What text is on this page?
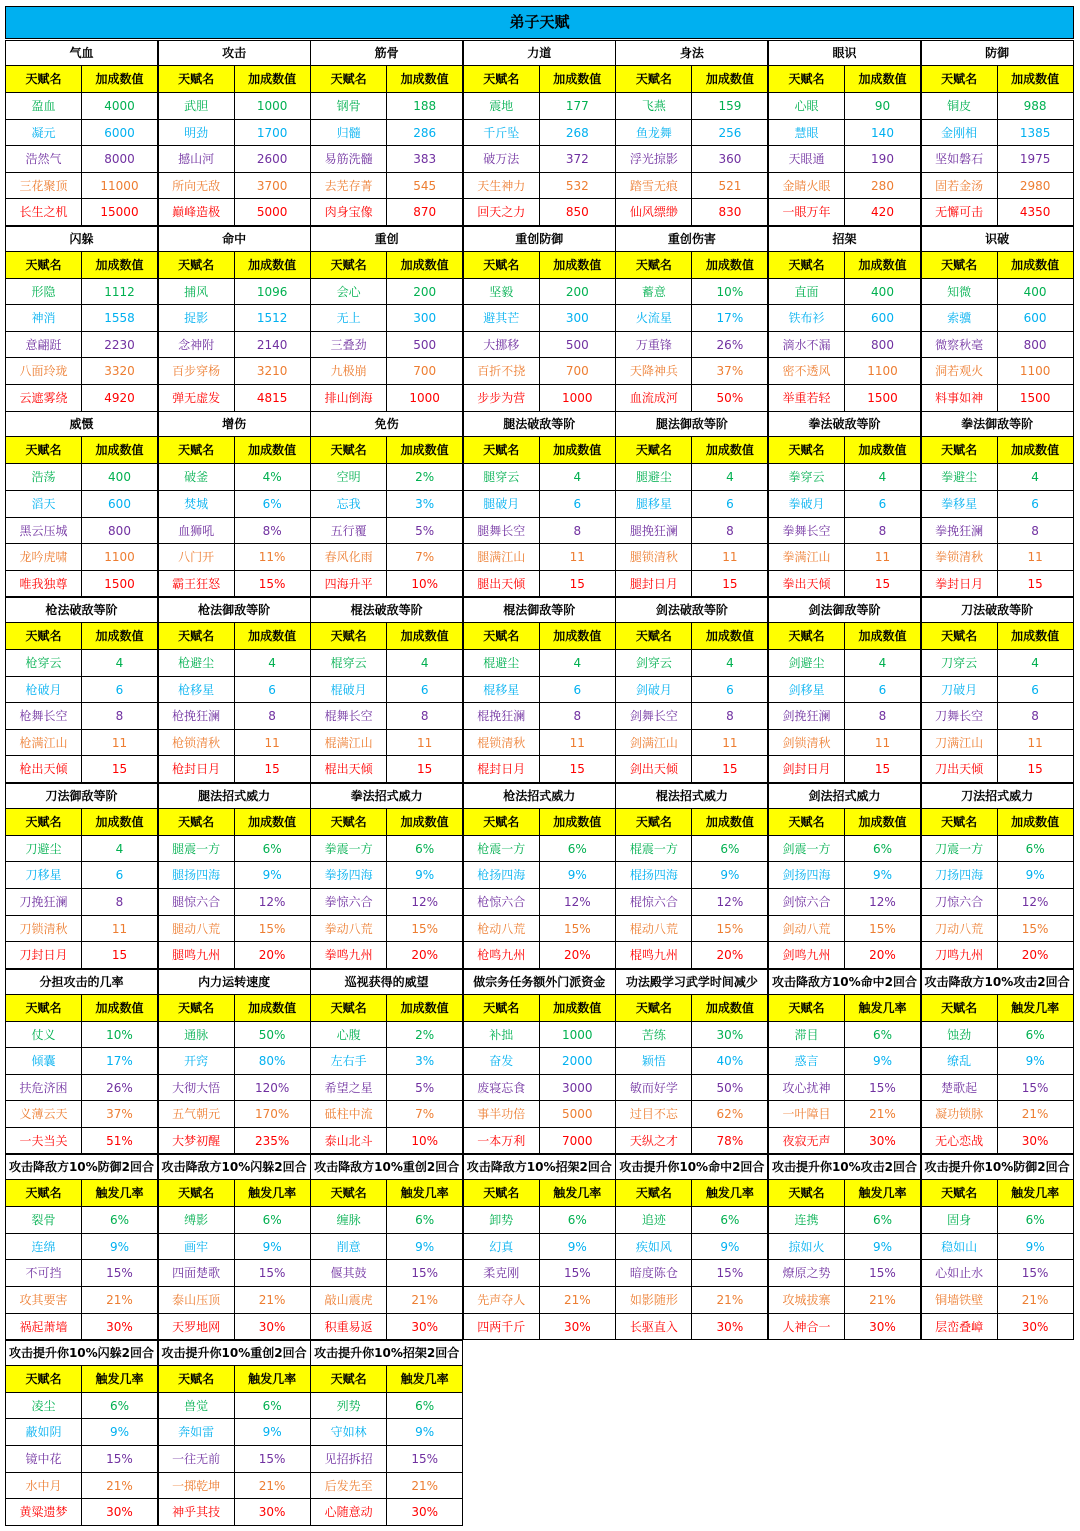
弟子天赋
气血
天赋名	加成数值
盈血	4000
凝元	6000
浩然气	8000
三花聚顶	11000
长生之机	15000
攻击
天赋名	加成数值
武胆	1000
明劲	1700
撼山河	2600
所向无敌	3700
巅峰造极	5000
筋骨
天赋名	加成数值
钢骨	188
归髓	286
易筋洗髓	383
去芜存菁	545
肉身宝像	870
力道
天赋名	加成数值
震地	177
千斤坠	268
破万法	372
天生神力	532
回天之力	850
身法
天赋名	加成数值
飞燕	159
鱼龙舞	256
浮光掠影	360
踏雪无痕	521
仙风缥缈	830
眼识
天赋名	加成数值
心眼	90
慧眼	140
天眼通	190
金睛火眼	280
一眼万年	420
防御
天赋名	加成数值
铜皮	988
金刚相	1385
坚如磐石	1975
固若金汤	2980
无懈可击	4350
闪躲
天赋名	加成数值
形隐	1112
神消	1558
意翩跹	2230
八面玲珑	3320
云遮雾绕	4920
命中
天赋名	加成数值
捕风	1096
捉影	1512
念神附	2140
百步穿杨	3210
弹无虚发	4815
重创
天赋名	加成数值
会心	200
无上	300
三叠劲	500
九极崩	700
排山倒海	1000
重创防御
天赋名	加成数值
坚毅	200
避其芒	300
大挪移	500
百折不挠	700
步步为营	1000
重创伤害
天赋名	加成数值
蓄意	10%
火流星	17%
万重锋	26%
天降神兵	37%
血流成河	50%
招架
天赋名	加成数值
直面	400
铁布衫	600
滴水不漏	800
密不透风	1100
举重若轻	1500
识破
天赋名	加成数值
知微	400
索骥	600
微察秋毫	800
洞若观火	1100
料事如神	1500
威慑
天赋名	加成数值
浩荡	400
滔天	600
黑云压城	800
龙吟虎啸	1100
唯我独尊	1500
增伤
天赋名	加成数值
破釜	4%
焚城	6%
血狮吼	8%
八门开	11%
霸王狂怒	15%
免伤
天赋名	加成数值
空明	2%
忘我	3%
五行覆	5%
春风化雨	7%
四海升平	10%
腿法破敌等阶
天赋名	加成数值
腿穿云	4
腿破月	6
腿舞长空	8
腿满江山	11
腿出天倾	15
腿法御敌等阶
天赋名	加成数值
腿避尘	4
腿移星	6
腿挽狂澜	8
腿锁清秋	11
腿封日月	15
拳法破敌等阶
天赋名	加成数值
拳穿云	4
拳破月	6
拳舞长空	8
拳满江山	11
拳出天倾	15
拳法御敌等阶
天赋名	加成数值
拳避尘	4
拳移星	6
拳挽狂澜	8
拳锁清秋	11
拳封日月	15
枪法破敌等阶
天赋名	加成数值
枪穿云	4
枪破月	6
枪舞长空	8
枪满江山	11
枪出天倾	15
枪法御敌等阶
天赋名	加成数值
枪避尘	4
枪移星	6
枪挽狂澜	8
枪锁清秋	11
枪封日月	15
棍法破敌等阶
天赋名	加成数值
棍穿云	4
棍破月	6
棍舞长空	8
棍满江山	11
棍出天倾	15
棍法御敌等阶
天赋名	加成数值
棍避尘	4
棍移星	6
棍挽狂澜	8
棍锁清秋	11
棍封日月	15
剑法破敌等阶
天赋名	加成数值
剑穿云	4
剑破月	6
剑舞长空	8
剑满江山	11
剑出天倾	15
剑法御敌等阶
天赋名	加成数值
剑避尘	4
剑移星	6
剑挽狂澜	8
剑锁清秋	11
剑封日月	15
刀法破敌等阶
天赋名	加成数值
刀穿云	4
刀破月	6
刀舞长空	8
刀满江山	11
刀出天倾	15
刀法御敌等阶
天赋名	加成数值
刀避尘	4
刀移星	6
刀挽狂澜	8
刀锁清秋	11
刀封日月	15
腿法招式威力
天赋名	加成数值
腿震一方	6%
腿扬四海	9%
腿惊六合	12%
腿动八荒	15%
腿鸣九州	20%
拳法招式威力
天赋名	加成数值
拳震一方	6%
拳扬四海	9%
拳惊六合	12%
拳动八荒	15%
拳鸣九州	20%
枪法招式威力
天赋名	加成数值
枪震一方	6%
枪扬四海	9%
枪惊六合	12%
枪动八荒	15%
枪鸣九州	20%
棍法招式威力
天赋名	加成数值
棍震一方	6%
棍扬四海	9%
棍惊六合	12%
棍动八荒	15%
棍鸣九州	20%
剑法招式威力
天赋名	加成数值
剑震一方	6%
剑扬四海	9%
剑惊六合	12%
剑动八荒	15%
剑鸣九州	20%
刀法招式威力
天赋名	加成数值
刀震一方	6%
刀扬四海	9%
刀惊六合	12%
刀动八荒	15%
刀鸣九州	20%
分担攻击的几率
天赋名	加成数值
仗义	10%
倾囊	17%
扶危济困	26%
义薄云天	37%
一夫当关	51%
内力运转速度
天赋名	加成数值
通脉	50%
开窍	80%
大彻大悟	120%
五气朝元	170%
大梦初醒	235%
巡视获得的威望
天赋名	加成数值
心腹	2%
左右手	3%
希望之星	5%
砥柱中流	7%
泰山北斗	10%
做宗务任务额外门派资金
天赋名	加成数值
补拙	1000
奋发	2000
废寝忘食	3000
事半功倍	5000
一本万利	7000
功法殿学习武学时间减少
天赋名	加成数值
苦练	30%
颖悟	40%
敏而好学	50%
过目不忘	62%
天纵之才	78%
攻击降敌方10%命中2回合
天赋名	触发几率
滞目	6%
惑言	9%
攻心扰神	15%
一叶障目	21%
夜寂无声	30%
攻击降敌方10%攻击2回合
天赋名	触发几率
蚀劲	6%
缭乱	9%
楚歌起	15%
凝功锁脉	21%
无心恋战	30%
攻击降敌方10%防御2回合
天赋名	触发几率
裂骨	6%
连绵	9%
不可挡	15%
攻其要害	21%
祸起萧墙	30%
攻击降敌方10%闪躲2回合
天赋名	触发几率
缚影	6%
画牢	9%
四面楚歌	15%
泰山压顶	21%
天罗地网	30%
攻击降敌方10%重创2回合
天赋名	触发几率
缠脉	6%
削意	9%
偃其鼓	15%
敲山震虎	21%
积重易返	30%
攻击降敌方10%招架2回合
天赋名	触发几率
卸势	6%
幻真	9%
柔克刚	15%
先声夺人	21%
四两千斤	30%
攻击提升你10%命中2回合
天赋名	触发几率
追迹	6%
疾如风	9%
暗度陈仓	15%
如影随形	21%
长驱直入	30%
攻击提升你10%攻击2回合
天赋名	触发几率
连携	6%
掠如火	9%
燎原之势	15%
攻城拔寨	21%
人神合一	30%
攻击提升你10%防御2回合
天赋名	触发几率
固身	6%
稳如山	9%
心如止水	15%
铜墙铁壁	21%
层峦叠嶂	30%
攻击提升你10%闪躲2回合
天赋名	触发几率
凌尘	6%
蔽如阴	9%
镜中花	15%
水中月	21%
黄粱遗梦	30%
攻击提升你10%重创2回合
天赋名	触发几率
兽觉	6%
奔如雷	9%
一往无前	15%
一掷乾坤	21%
神乎其技	30%
攻击提升你10%招架2回合
天赋名	触发几率
列势	6%
守如林	9%
见招拆招	15%
后发先至	21%
心随意动	30%
